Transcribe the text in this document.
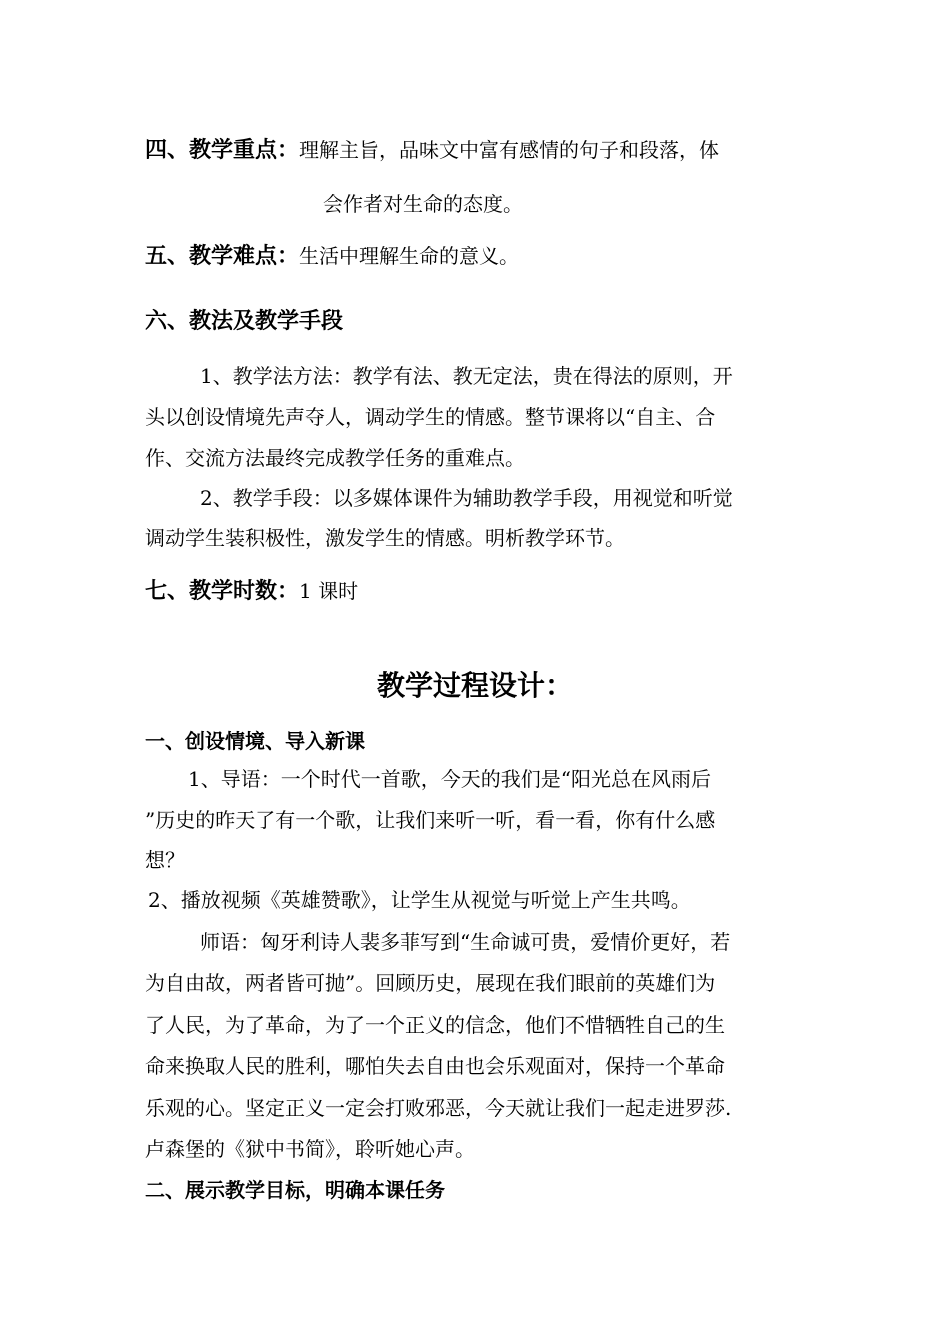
四、教学重点：理解主旨，品味文中富有感情的句子和段落，体
会作者对生命的态度。
五、教学难点：生活中理解生命的意义。
六、教法及教学手段
1、教学法方法：教学有法、教无定法，贵在得法的原则，开
头以创设情境先声夺人，调动学生的情感。整节课将以“自主、合
作、交流方法最终完成教学任务的重难点。
2、教学手段：以多媒体课件为辅助教学手段，用视觉和听觉
调动学生装积极性，激发学生的情感。明析教学环节。
七、教学时数：1 课时
教学过程设计：
一、创设情境、导入新课
1、导语：一个时代一首歌，今天的我们是“阳光总在风雨后
”历史的昨天了有一个歌，让我们来听一听，看一看，你有什么感
想？
2、播放视频《英雄赞歌》，让学生从视觉与听觉上产生共鸣。
师语：匈牙利诗人裴多菲写到“生命诚可贵，爱情价更好，若
为自由故，两者皆可抛”。回顾历史，展现在我们眼前的英雄们为
了人民，为了革命，为了一个正义的信念，他们不惜牺牲自己的生
命来换取人民的胜利，哪怕失去自由也会乐观面对，保持一个革命
乐观的心。坚定正义一定会打败邪恶，今天就让我们一起走进罗莎.
卢森堡的《狱中书简》，聆听她心声。
二、展示教学目标，明确本课任务
